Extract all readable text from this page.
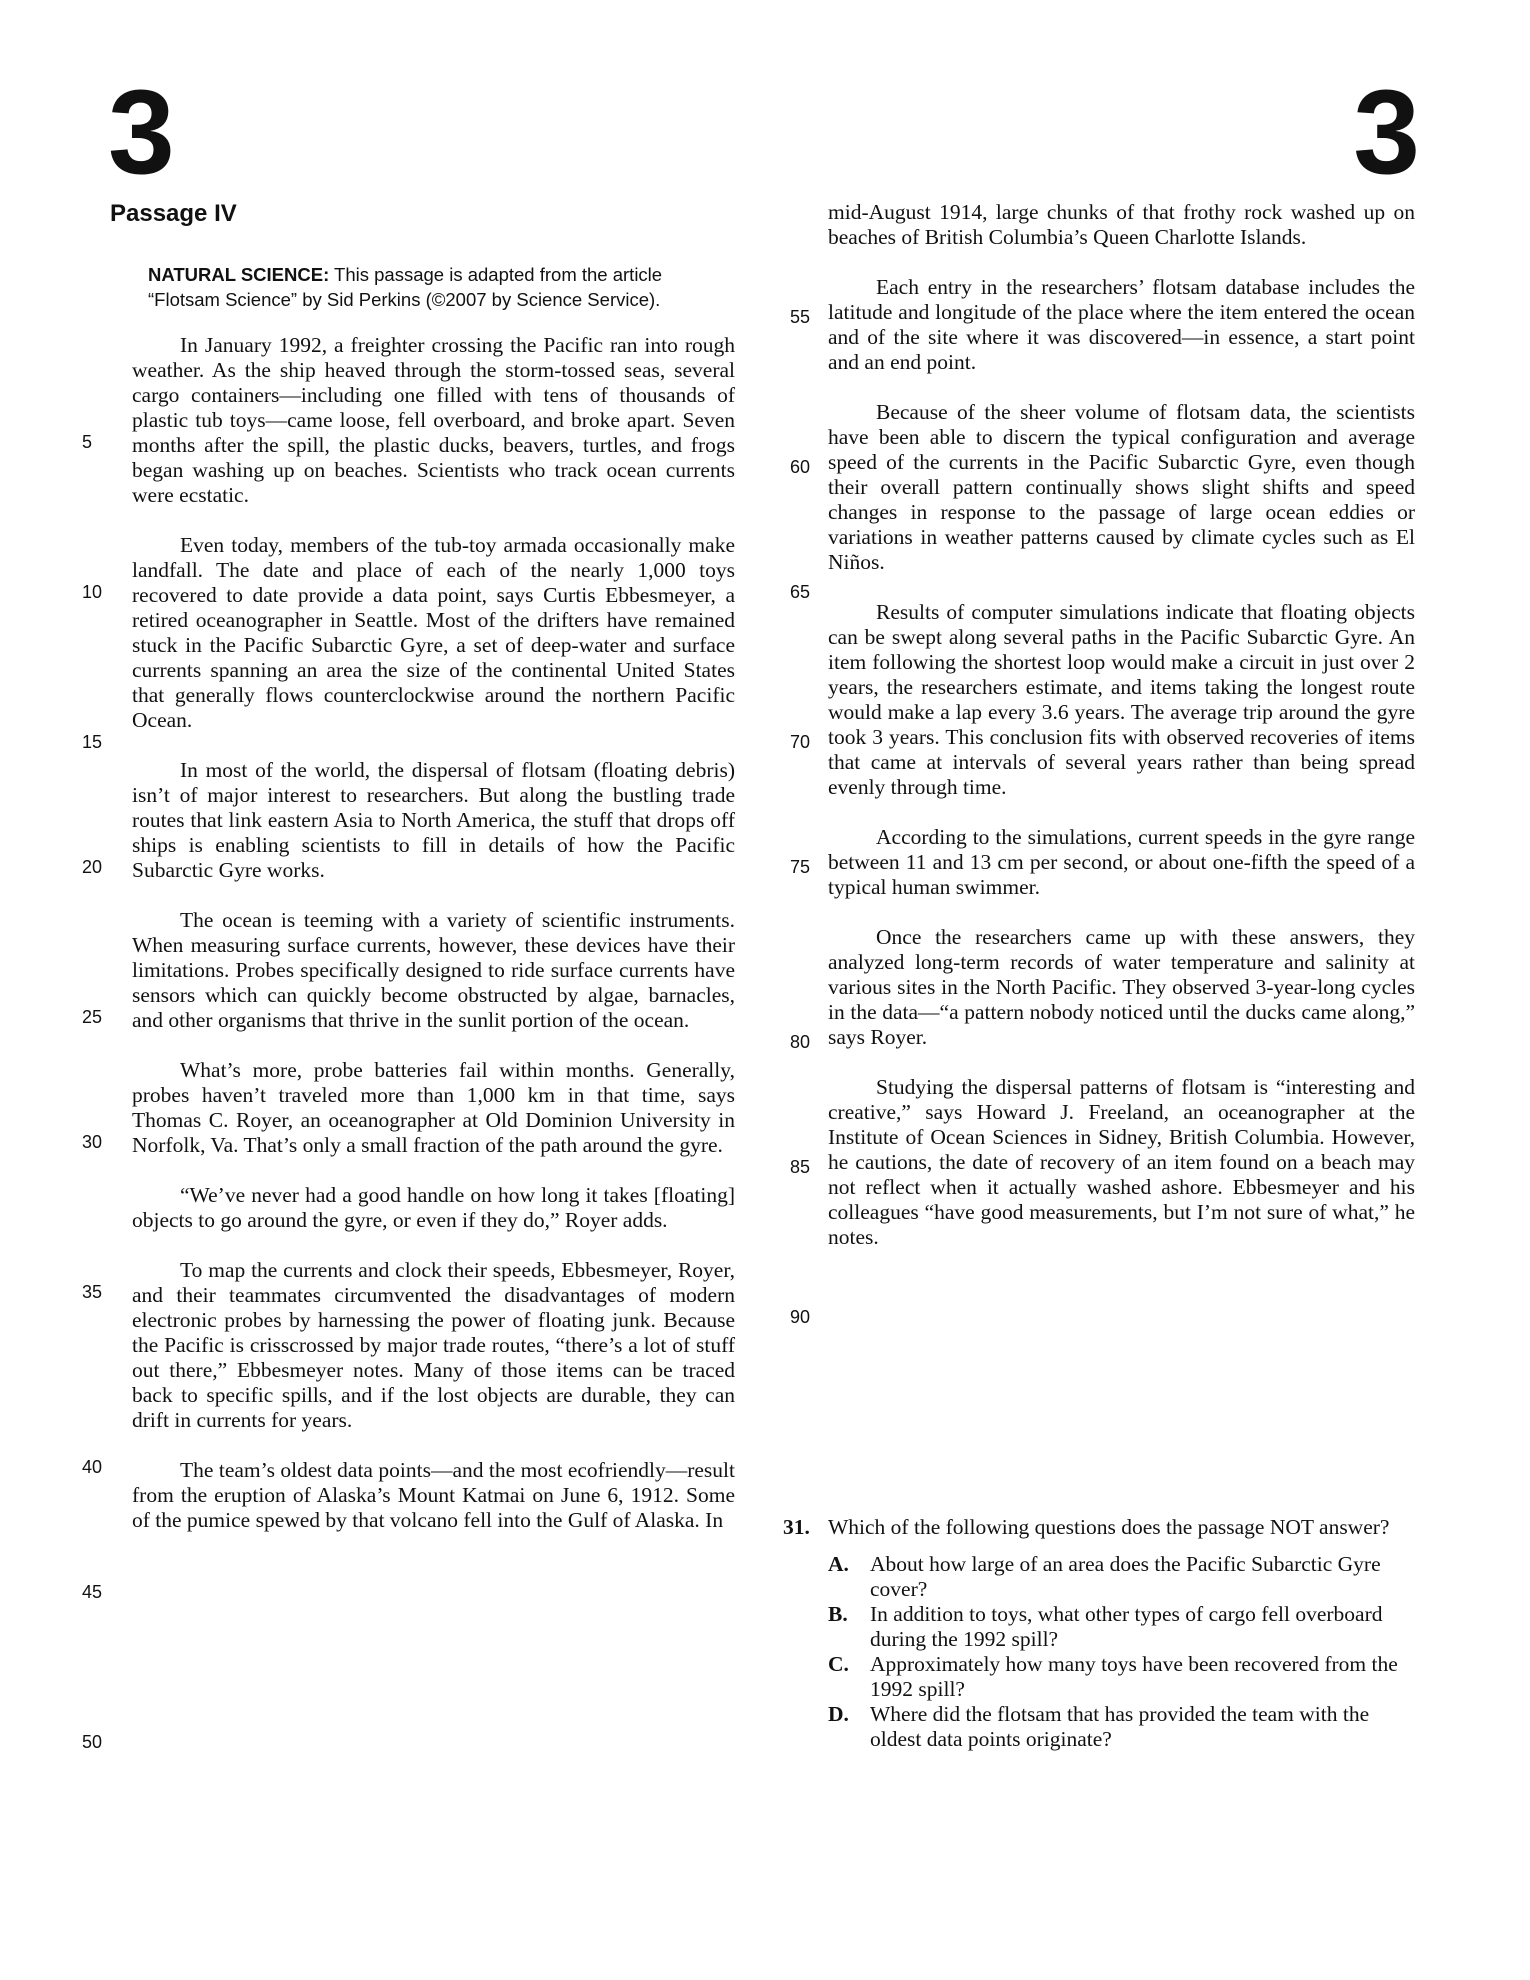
3	3
5
10
15
20
25
30
35
40
45
50
55
60
65
70
75
80
85
90
Passage IV
NATURAL SCIENCE: This passage is adapted from the article “Flotsam Science” by Sid Perkins (©2007 by Science Service).

In January 1992, a freighter crossing the Pacific ran into rough weather. As the ship heaved through the storm-tossed seas, several cargo containers—including one filled with tens of thousands of plastic tub toys—came loose, fell overboard, and broke apart. Seven months after the spill, the plastic ducks, beavers, turtles, and frogs began washing up on beaches. Scientists who track ocean currents were ecstatic.

Even today, members of the tub-toy armada occasionally make landfall. The date and place of each of the nearly 1,000 toys recovered to date provide a data point, says Curtis Ebbesmeyer, a retired oceanographer in Seattle. Most of the drifters have remained stuck in the Pacific Subarctic Gyre, a set of deep-water and surface currents spanning an area the size of the continental United States that generally flows counterclockwise around the northern Pacific Ocean.

In most of the world, the dispersal of flotsam (floating debris) isn’t of major interest to researchers. But along the bustling trade routes that link eastern Asia to North America, the stuff that drops off ships is enabling scientists to fill in details of how the Pacific Subarctic Gyre works.

The ocean is teeming with a variety of scientific instruments. When measuring surface currents, however, these devices have their limitations. Probes specifically designed to ride surface currents have sensors which can quickly become obstructed by algae, barnacles, and other organisms that thrive in the sunlit portion of the ocean.

What’s more, probe batteries fail within months. Generally, probes haven’t traveled more than 1,000 km in that time, says Thomas C. Royer, an oceanographer at Old Dominion University in Norfolk, Va. That’s only a small fraction of the path around the gyre.

“We’ve never had a good handle on how long it takes [floating] objects to go around the gyre, or even if they do,” Royer adds.

To map the currents and clock their speeds, Ebbesmeyer, Royer, and their teammates circumvented the disadvantages of modern electronic probes by harnessing the power of floating junk. Because the Pacific is crisscrossed by major trade routes, “there’s a lot of stuff out there,” Ebbesmeyer notes. Many of those items can be traced back to specific spills, and if the lost objects are durable, they can drift in currents for years.

The team’s oldest data points—and the most ecofriendly—result from the eruption of Alaska’s Mount Katmai on June 6, 1912. Some of the pumice spewed by that volcano fell into the Gulf of Alaska. In

mid-August 1914, large chunks of that frothy rock washed up on beaches of British Columbia’s Queen Charlotte Islands.

Each entry in the researchers’ flotsam database includes the latitude and longitude of the place where the item entered the ocean and of the site where it was discovered—in essence, a start point and an end point.

Because of the sheer volume of flotsam data, the scientists have been able to discern the typical configuration and average speed of the currents in the Pacific Subarctic Gyre, even though their overall pattern continually shows slight shifts and speed changes in response to the passage of large ocean eddies or variations in weather patterns caused by climate cycles such as El Niños.

Results of computer simulations indicate that floating objects can be swept along several paths in the Pacific Subarctic Gyre. An item following the shortest loop would make a circuit in just over 2 years, the researchers estimate, and items taking the longest route would make a lap every 3.6 years. The average trip around the gyre took 3 years. This conclusion fits with observed recoveries of items that came at intervals of several years rather than being spread evenly through time.

According to the simulations, current speeds in the gyre range between 11 and 13 cm per second, or about one-fifth the speed of a typical human swimmer.

Once the researchers came up with these answers, they analyzed long-term records of water temperature and salinity at various sites in the North Pacific. They observed 3-year-long cycles in the data—“a pattern nobody noticed until the ducks came along,” says Royer.

Studying the dispersal patterns of flotsam is “interesting and creative,” says Howard J. Freeland, an oceanographer at the Institute of Ocean Sciences in Sidney, British Columbia. However, he cautions, the date of recovery of an item found on a beach may not reflect when it actually washed ashore. Ebbesmeyer and his colleagues “have good measurements, but I’m not sure of what,” he notes.

31. Which of the following questions does the passage NOT answer?
A. About how large of an area does the Pacific Subarctic Gyre cover?
B.	In addition to toys, what other types of cargo fell overboard during the 1992 spill?
C. Approximately how many toys have been recovered from the 1992 spill?
D. Where did the flotsam that has provided the team with the oldest data points originate?
